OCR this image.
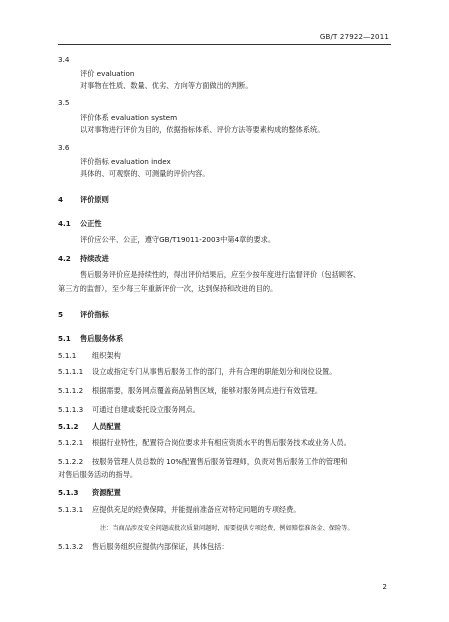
GB/T 27922—2011
3.4
评价 evaluation
对事物在性质、数量、优劣、方向等方面做出的判断。
3.5
评价体系 evaluation system
以对事物进行评价为目的，依据指标体系、评价方法等要素构成的整体系统。
3.6
评价指标 evaluation index
具体的、可观察的、可测量的评价内容。
4 评价原则
4.1 公正性
评价应公平、公正，遵守GB/T19011-2003中第4章的要求。
4.2 持续改进
售后服务评价应是持续性的，得出评价结果后，应至少按年度进行监督评价（包括顾客、
第三方的监督），至少每三年重新评价一次，达到保持和改进的目的。
5 评价指标
5.1 售后服务体系
5.1.1 组织架构
5.1.1.1 设立或指定专门从事售后服务工作的部门，并有合理的职能划分和岗位设置。
5.1.1.2 根据需要，服务网点覆盖商品销售区域，能够对服务网点进行有效管理。
5.1.1.3 可通过自建或委托设立服务网点。
5.1.2 人员配置
5.1.2.1 根据行业特性，配置符合岗位要求并有相应资质水平的售后服务技术或业务人员。
5.1.2.2 按服务管理人员总数的 10%配置售后服务管理师，负责对售后服务工作的管理和
对售后服务活动的指导。
5.1.3 资源配置
5.1.3.1 应提供充足的经费保障，并能提前准备应对特定问题的专项经费。
注：当商品涉及安全问题或批次质量问题时，需要提供专项经费，例如赔偿准备金、保险等。
5.1.3.2 售后服务组织应提供内部保证，具体包括：
2
